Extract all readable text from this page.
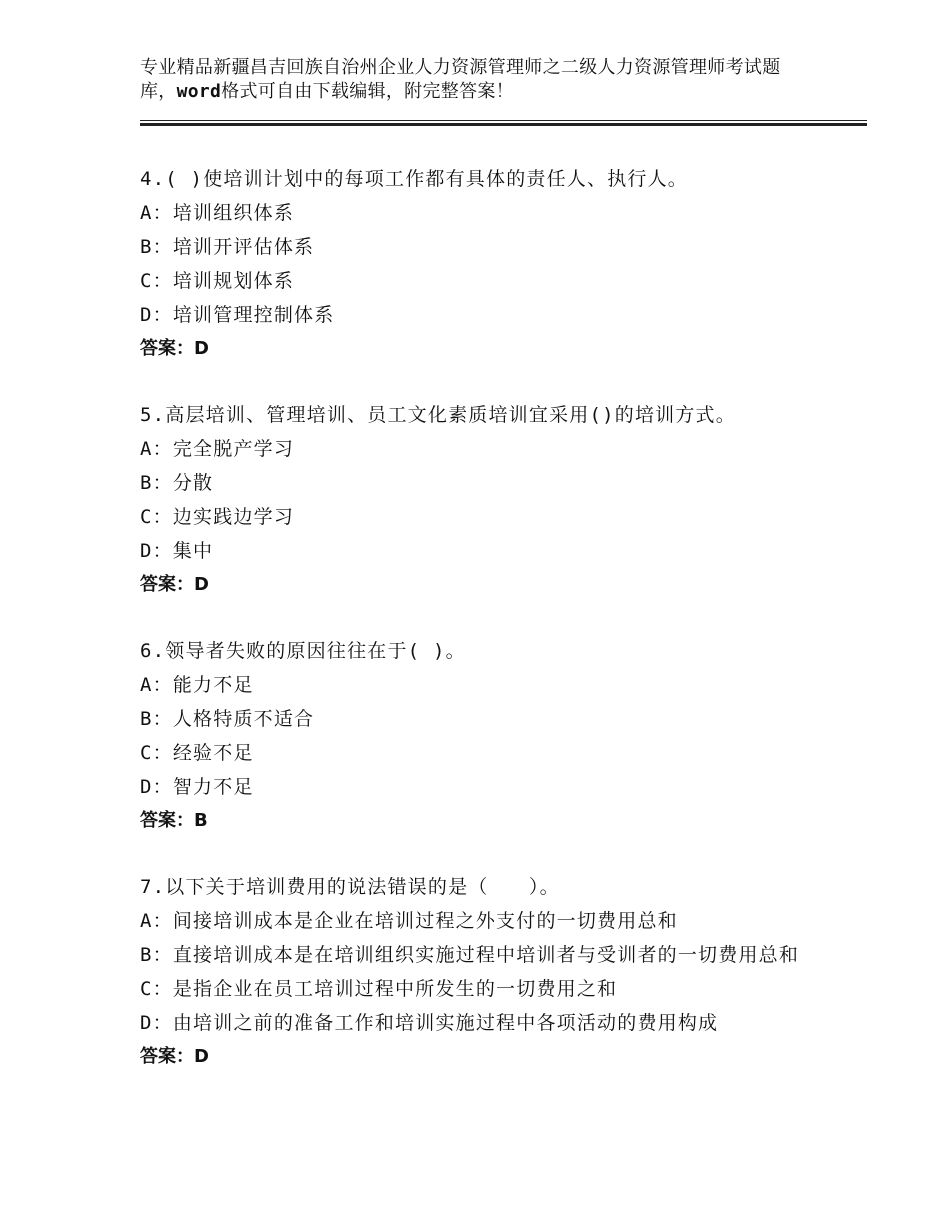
专业精品新疆昌吉回族自治州企业人力资源管理师之二级人力资源管理师考试题
库，word格式可自由下载编辑，附完整答案！
4.( )使培训计划中的每项工作都有具体的责任人、执行人。
A：培训组织体系
B：培训开评估体系
C：培训规划体系
D：培训管理控制体系
答案：D
5.高层培训、管理培训、员工文化素质培训宜采用()的培训方式。
A：完全脱产学习
B：分散
C：边实践边学习
D：集中
答案：D
6.领导者失败的原因往往在于( )。
A：能力不足
B：人格特质不适合
C：经验不足
D：智力不足
答案：B
7.以下关于培训费用的说法错误的是（　　）。
A：间接培训成本是企业在培训过程之外支付的一切费用总和
B：直接培训成本是在培训组织实施过程中培训者与受训者的一切费用总和
C：是指企业在员工培训过程中所发生的一切费用之和
D：由培训之前的准备工作和培训实施过程中各项活动的费用构成
答案：D
